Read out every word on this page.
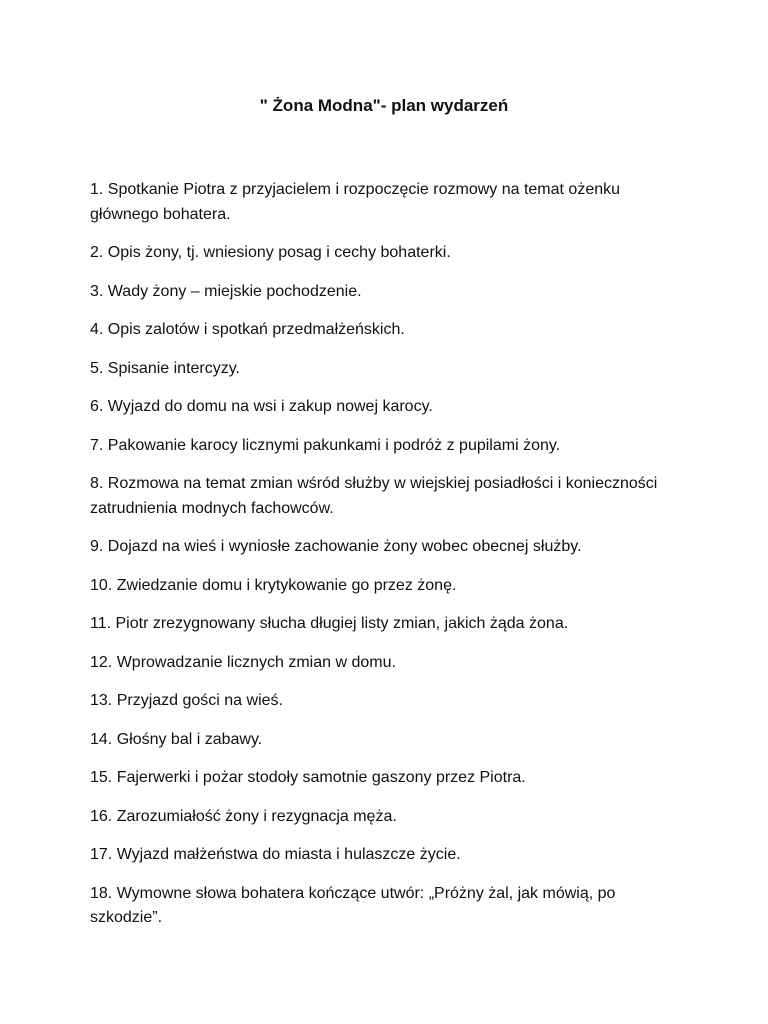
" Żona Modna"- plan wydarzeń
1. Spotkanie Piotra z przyjacielem i rozpoczęcie rozmowy na temat ożenku głównego bohatera.
2. Opis żony, tj. wniesiony posag i cechy bohaterki.
3. Wady żony – miejskie pochodzenie.
4. Opis zalotów i spotkań przedmałżeńskich.
5. Spisanie intercyzy.
6. Wyjazd do domu na wsi i zakup nowej karocy.
7. Pakowanie karocy licznymi pakunkami i podróż z pupilami żony.
8. Rozmowa na temat zmian wśród służby w wiejskiej posiadłości i konieczności zatrudnienia modnych fachowców.
9. Dojazd na wieś i wyniosłe zachowanie żony wobec obecnej służby.
10. Zwiedzanie domu i krytykowanie go przez żonę.
11. Piotr zrezygnowany słucha długiej listy zmian, jakich żąda żona.
12. Wprowadzanie licznych zmian w domu.
13. Przyjazd gości na wieś.
14. Głośny bal i zabawy.
15. Fajerwerki i pożar stodoły samotnie gaszony przez Piotra.
16. Zarozumiałość żony i rezygnacja męża.
17. Wyjazd małżeństwa do miasta i hulaszcze życie.
18. Wymowne słowa bohatera kończące utwór: „Próżny żal, jak mówią, po szkodzie”.
